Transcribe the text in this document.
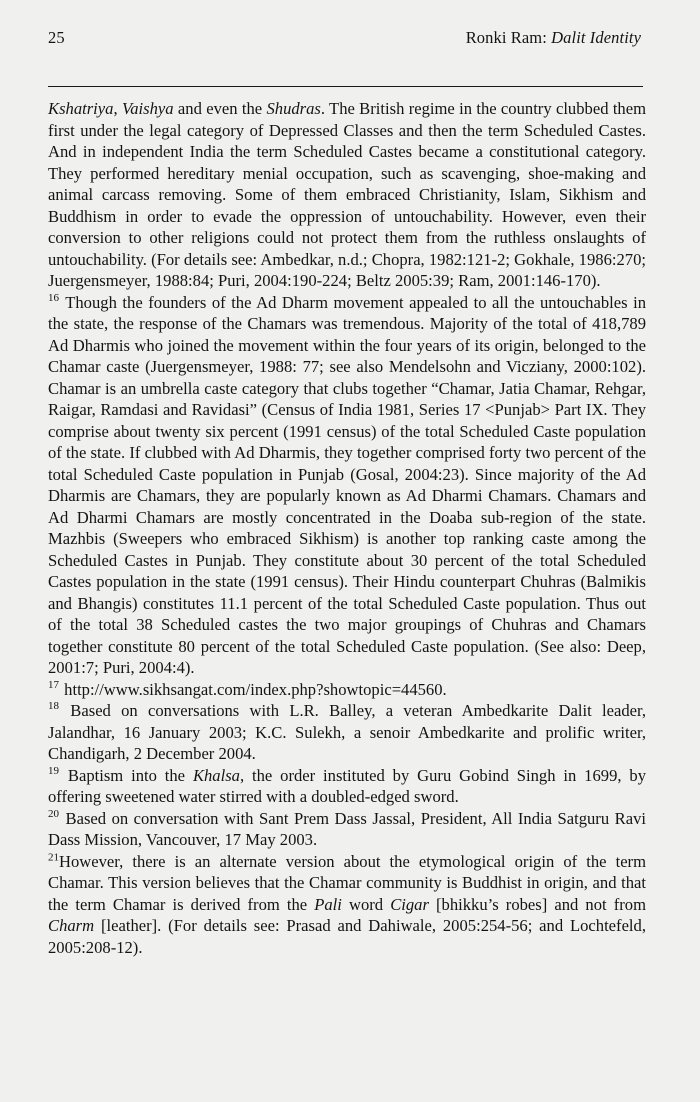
25	Ronki Ram: Dalit Identity

Kshatriya, Vaishya and even the Shudras. The British regime in the country clubbed them first under the legal category of Depressed Classes and then the term Scheduled Castes. And in independent India the term Scheduled Castes became a constitutional category. They performed hereditary menial occupation, such as scavenging, shoe-making and animal carcass removing. Some of them embraced Christianity, Islam, Sikhism and Buddhism in order to evade the oppression of untouchability. However, even their conversion to other religions could not protect them from the ruthless onslaughts of untouchability. (For details see: Ambedkar, n.d.; Chopra, 1982:121-2; Gokhale, 1986:270; Juergensmeyer, 1988:84; Puri, 2004:190-224; Beltz 2005:39; Ram, 2001:146-170).

$^{16}$ Though the founders of the Ad Dharm movement appealed to all the untouchables in the state, the response of the Chamars was tremendous. Majority of the total of 418,789 Ad Dharmis who joined the movement within the four years of its origin, belonged to the Chamar caste (Juergensmeyer, 1988: 77; see also Mendelsohn and Vicziany, 2000:102). Chamar is an umbrella caste category that clubs together “Chamar, Jatia Chamar, Rehgar, Raigar, Ramdasi and Ravidasi” (Census of India 1981, Series 17 <Punjab> Part IX. They comprise about twenty six percent (1991 census) of the total Scheduled Caste population of the state. If clubbed with Ad Dharmis, they together comprised forty two percent of the total Scheduled Caste population in Punjab (Gosal, 2004:23). Since majority of the Ad Dharmis are Chamars, they are popularly known as Ad Dharmi Chamars. Chamars and Ad Dharmi Chamars are mostly concentrated in the Doaba sub-region of the state. Mazhbis (Sweepers who embraced Sikhism) is another top ranking caste among the Scheduled Castes in Punjab. They constitute about 30 percent of the total Scheduled Castes population in the state (1991 census). Their Hindu counterpart Chuhras (Balmikis and Bhangis) constitutes 11.1 percent of the total Scheduled Caste population. Thus out of the total 38 Scheduled castes the two major groupings of Chuhras and Chamars together constitute 80 percent of the total Scheduled Caste population. (See also: Deep, 2001:7; Puri, 2004:4).

$^{17}$ http://www.sikhsangat.com/index.php?showtopic=44560.

$^{18}$ Based on conversations with L.R. Balley, a veteran Ambedkarite Dalit leader, Jalandhar, 16 January 2003; K.C. Sulekh, a senoir Ambedkarite and prolific writer, Chandigarh, 2 December 2004.

$^{19}$ Baptism into the Khalsa, the order instituted by Guru Gobind Singh in 1699, by offering sweetened water stirred with a doubled-edged sword.

$^{20}$ Based on conversation with Sant Prem Dass Jassal, President, All India Satguru Ravi Dass Mission, Vancouver, 17 May 2003.

$^{21}$However, there is an alternate version about the etymological origin of the term Chamar. This version believes that the Chamar community is Buddhist in origin, and that the term Chamar is derived from the Pali word Cigar [bhikku’s robes] and not from Charm [leather]. (For details see: Prasad and Dahiwale, 2005:254-56; and Lochtefeld, 2005:208-12).
